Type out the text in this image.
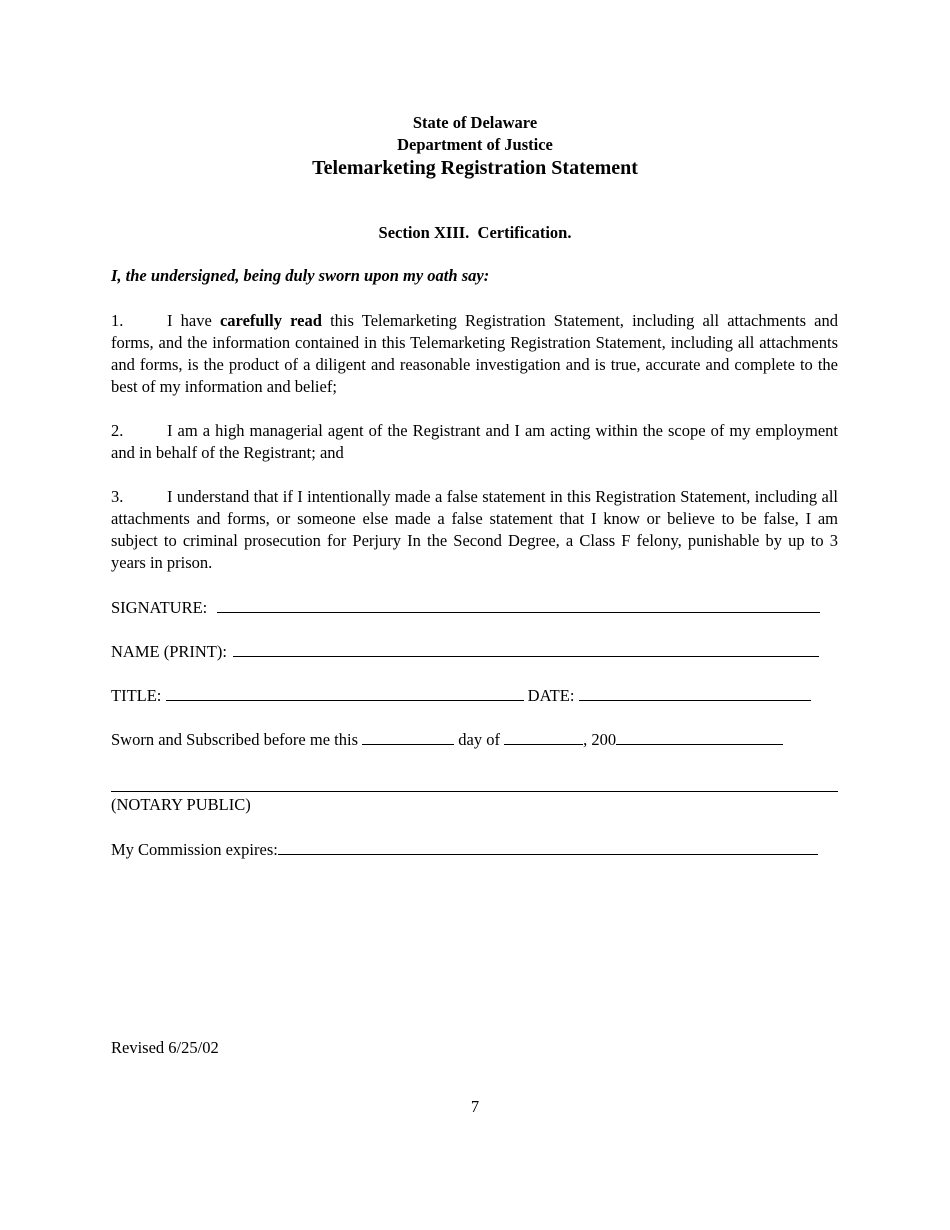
State of Delaware
Department of Justice
Telemarketing Registration Statement
Section XIII.  Certification.
I, the undersigned, being duly sworn upon my oath say:
1.	I have carefully read this Telemarketing Registration Statement, including all attachments and forms, and the information contained in this Telemarketing Registration Statement, including all attachments and forms, is the product of a diligent and reasonable investigation and is true, accurate and complete to the best of my information and belief;
2.	I am a high managerial agent of the Registrant and I am acting within the scope of my employment and in behalf of the Registrant; and
3.	I understand that if I intentionally made a false statement in this Registration Statement, including all attachments and forms, or someone else made a false statement that I know or believe to be false, I am subject to criminal prosecution for Perjury In the Second Degree, a Class F felony, punishable by up to 3 years in prison.
SIGNATURE:
NAME (PRINT):
TITLE:	DATE:
Sworn and Subscribed before me this	day of	, 200
(NOTARY PUBLIC)
My Commission expires:
Revised 6/25/02
7
